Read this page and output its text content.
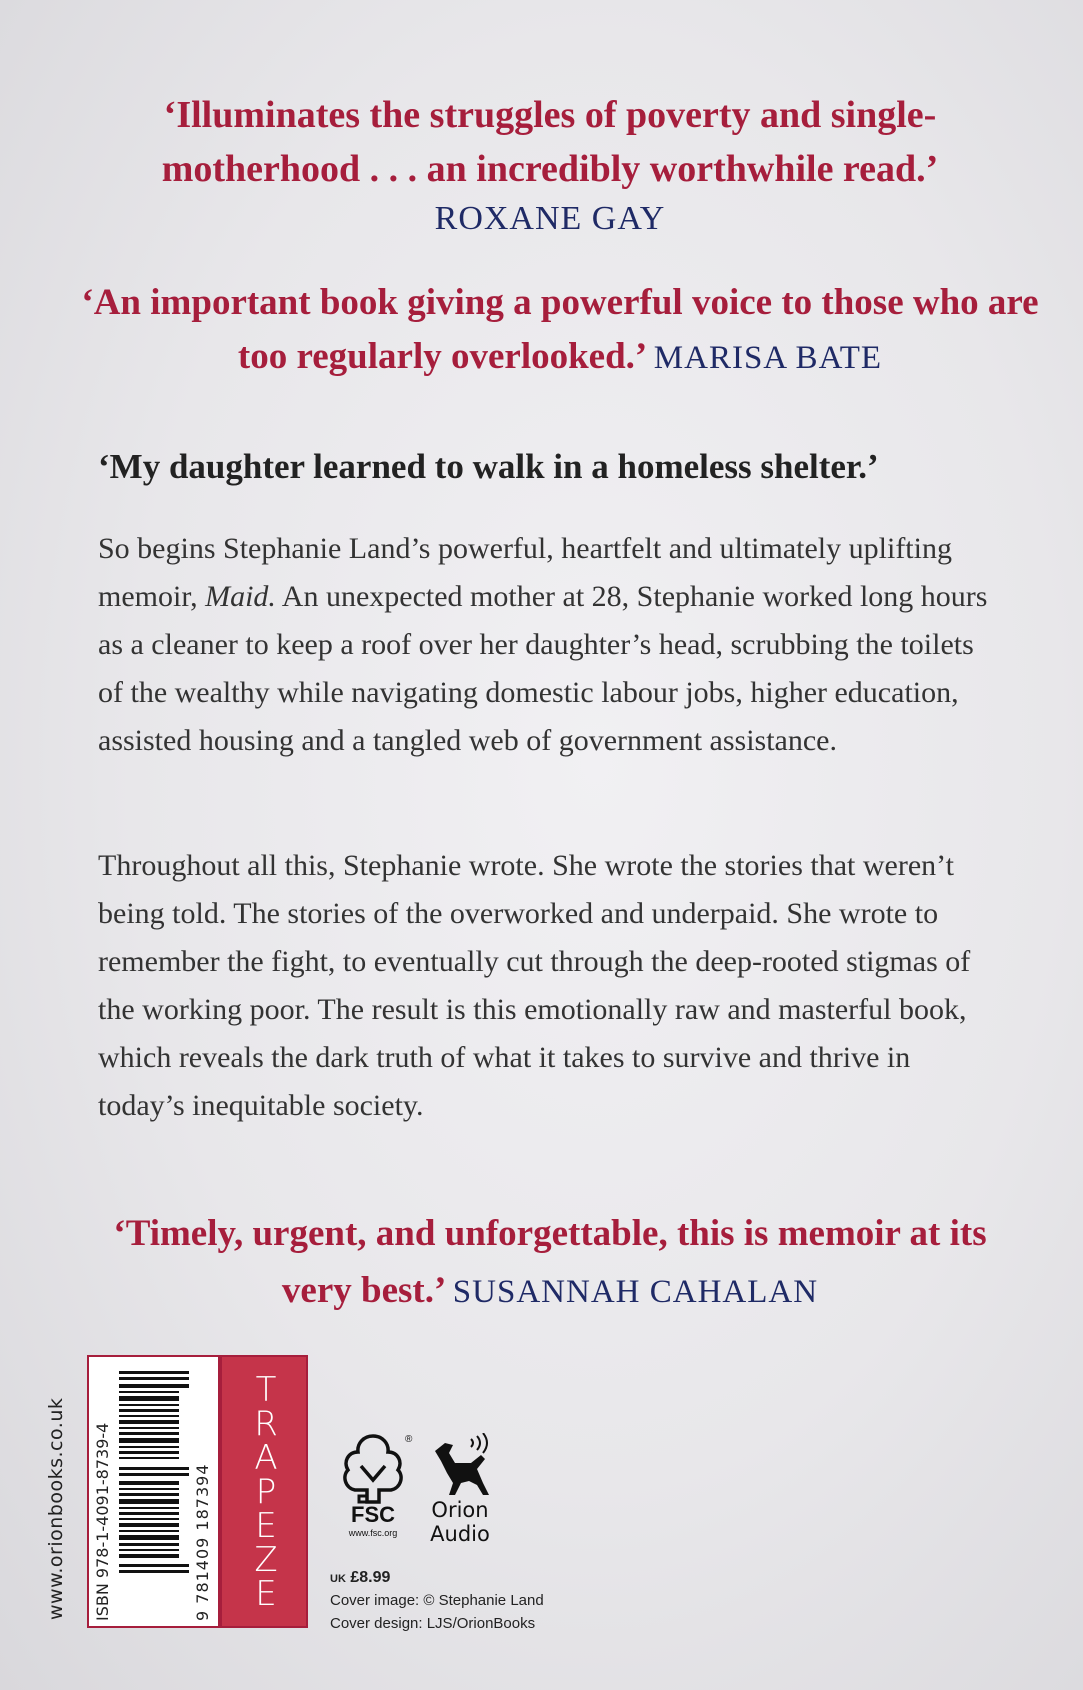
‘Illuminates the struggles of poverty and single-motherhood . . . an incredibly worthwhile read.’
ROXANE GAY
‘An important book giving a powerful voice to those who are too regularly overlooked.’ MARISA BATE

‘My daughter learned to walk in a homeless shelter.’

So begins Stephanie Land’s powerful, heartfelt and ultimately uplifting memoir, Maid. An unexpected mother at 28, Stephanie worked long hours as a cleaner to keep a roof over her daughter’s head, scrubbing the toilets of the wealthy while navigating domestic labour jobs, higher education, assisted housing and a tangled web of government assistance.

Throughout all this, Stephanie wrote. She wrote the stories that weren’t being told. The stories of the overworked and underpaid. She wrote to remember the fight, to eventually cut through the deep-rooted stigmas of the working poor. The result is this emotionally raw and masterful book, which reveals the dark truth of what it takes to survive and thrive in today’s inequitable society.

‘Timely, urgent, and unforgettable, this is memoir at its very best.’ SUSANNAH CAHALAN
www.orionbooks.co.uk	ISBN 978-1-4091-8739-4	9 781409 187394
T
R
A
P
E
Z
E
®
FSC
www.fsc.org
Orion
Audio
UK £8.99
Cover image: © Stephanie Land
Cover design: LJS/OrionBooks
